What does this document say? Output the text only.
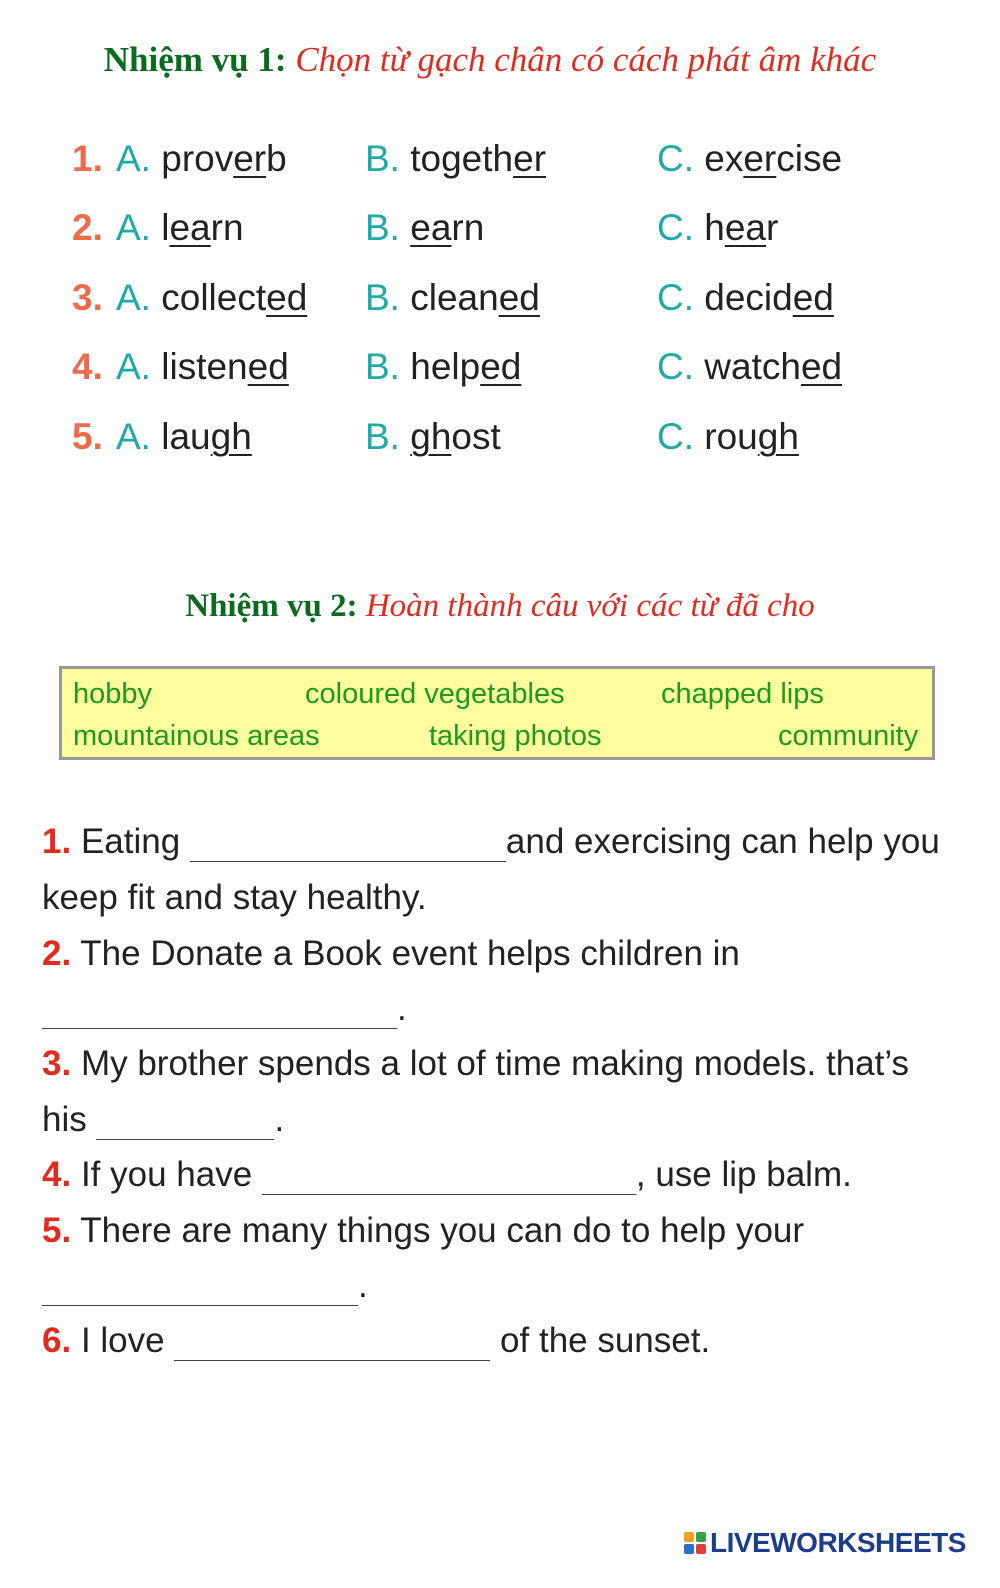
Nhiệm vụ 1: Chọn từ gạch chân có cách phát âm khác
1. A. proverb B. together	C. exercise
2. A. learn	B. earn	C. hear
3. A. collected B. cleaned	C. decided
4. A. listened B. helped	C. watched
5. A. laugh	B. ghost	C. rough
Nhiệm vụ 2: Hoàn thành câu với các từ đã cho
hobby	coloured vegetables	chapped lips
mountainous areas	taking photos	community
1. Eating	and exercising can help you
keep fit and stay healthy.
2. The Donate a Book event helps children in
.
3. My brother spends a lot of time making models. that’s
his	.
4. If you have	, use lip balm.
5. There are many things you can do to help your
.
6. I love	of the sunset.
LIVEWORKSHEETS
